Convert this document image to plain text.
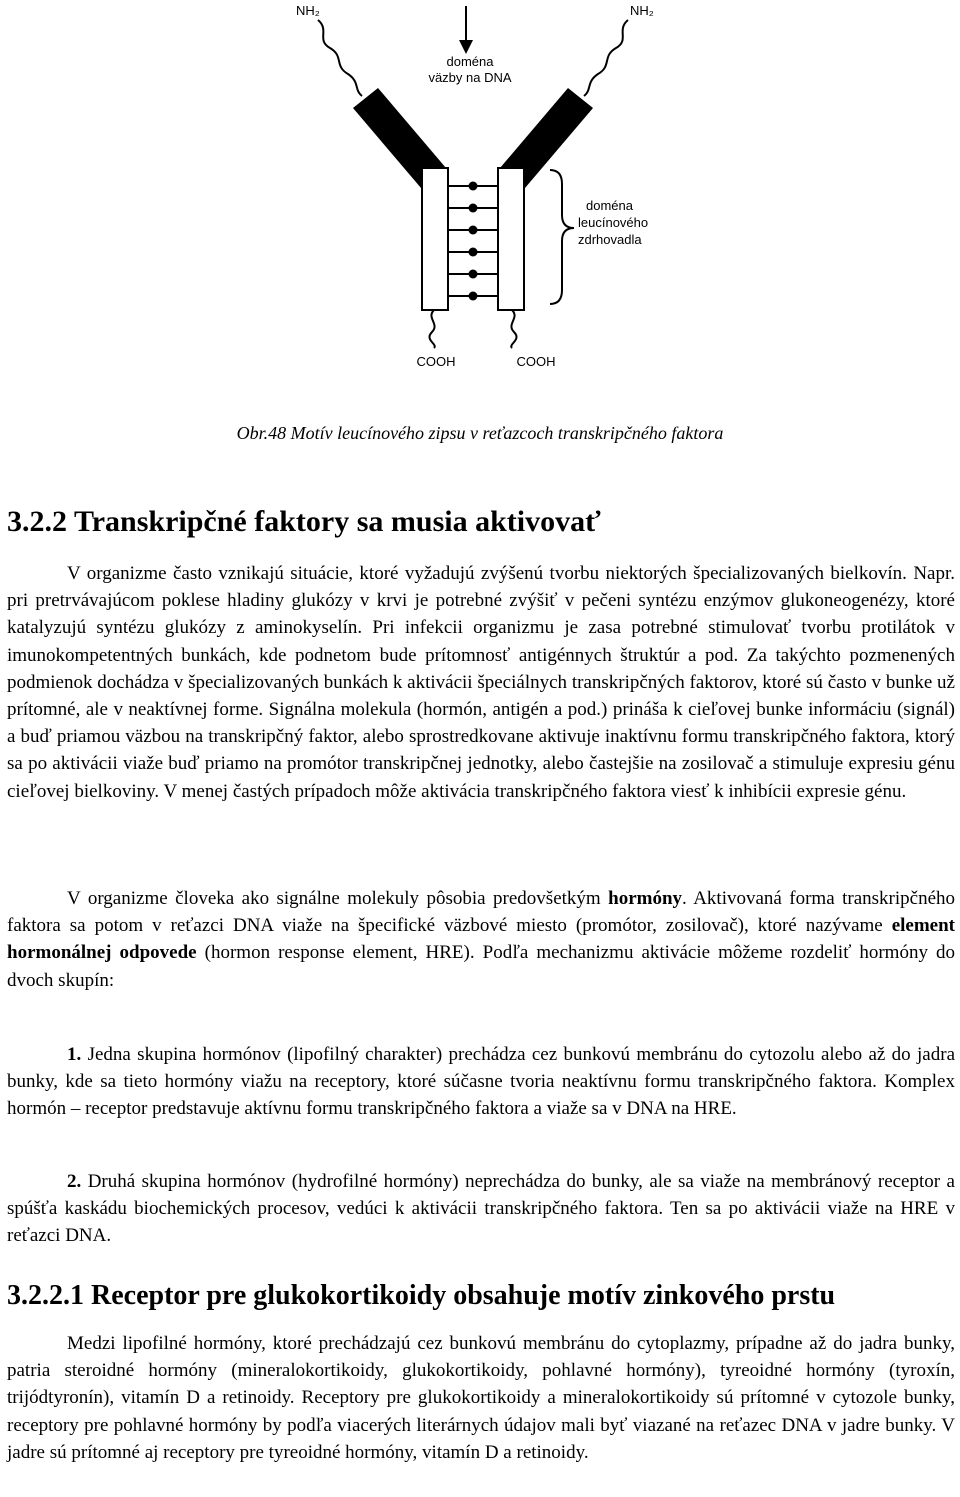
NH₂	NH₂
doména
väzby na DNA
doména
leucínového
zdrhovadla
COOH	COOH
Obr.48 Motív leucínového zipsu v reťazcoch transkripčného faktora
3.2.2 Transkripčné faktory sa musia aktivovať

V organizme často vznikajú situácie, ktoré vyžadujú zvýšenú tvorbu niektorých špecializovaných bielkovín. Napr. pri pretrvávajúcom poklese hladiny glukózy v krvi je potrebné zvýšiť v pečeni syntézu enzýmov glukoneogenézy, ktoré katalyzujú syntézu glukózy z aminokyselín. Pri infekcii organizmu je zasa potrebné stimulovať tvorbu protilátok v imunokompetentných bunkách, kde podnetom bude prítomnosť antigénnych štruktúr a pod. Za takýchto pozmenených podmienok dochádza v špecializovaných bunkách k aktivácii špeciálnych transkripčných faktorov, ktoré sú často v bunke už prítomné, ale v neaktívnej forme. Signálna molekula (hormón, antigén a pod.) prináša k cieľovej bunke informáciu (signál) a buď priamou väzbou na transkripčný faktor, alebo sprostredkovane aktivuje inaktívnu formu transkripčného faktora, ktorý sa po aktivácii viaže buď priamo na promótor transkripčnej jednotky, alebo častejšie na zosilovač a stimuluje expresiu génu cieľovej bielkoviny. V menej častých prípadoch môže aktivácia transkripčného faktora viesť k inhibícii expresie génu.

V organizme človeka ako signálne molekuly pôsobia predovšetkým hormóny. Aktivovaná forma transkripčného faktora sa potom v reťazci DNA viaže na špecifické väzbové miesto (promótor, zosilovač), ktoré nazývame element hormonálnej odpovede (hormon response element, HRE). Podľa mechanizmu aktivácie môžeme rozdeliť hormóny do dvoch skupín:

1. Jedna skupina hormónov (lipofilný charakter) prechádza cez bunkovú membránu do cytozolu alebo až do jadra bunky, kde sa tieto hormóny viažu na receptory, ktoré súčasne tvoria neaktívnu formu transkripčného faktora. Komplex hormón – receptor predstavuje aktívnu formu transkripčného faktora a viaže sa v DNA na HRE.

2. Druhá skupina hormónov (hydrofilné hormóny) neprechádza do bunky, ale sa viaže na membránový receptor a spúšťa kaskádu biochemických procesov, vedúci k aktivácii transkripčného faktora. Ten sa po aktivácii viaže na HRE v reťazci DNA.

3.2.2.1 Receptor pre glukokortikoidy obsahuje motív zinkového prstu

Medzi lipofilné hormóny, ktoré prechádzajú cez bunkovú membránu do cytoplazmy, prípadne až do jadra bunky, patria steroidné hormóny (mineralokortikoidy, glukokortikoidy, pohlavné hormóny), tyreoidné hormóny (tyroxín, trijódtyronín), vitamín D a retinoidy. Receptory pre glukokortikoidy a mineralokortikoidy sú prítomné v cytozole bunky, receptory pre pohlavné hormóny by podľa viacerých literárnych údajov mali byť viazané na reťazec DNA v jadre bunky. V jadre sú prítomné aj receptory pre tyreoidné hormóny, vitamín D a retinoidy.
